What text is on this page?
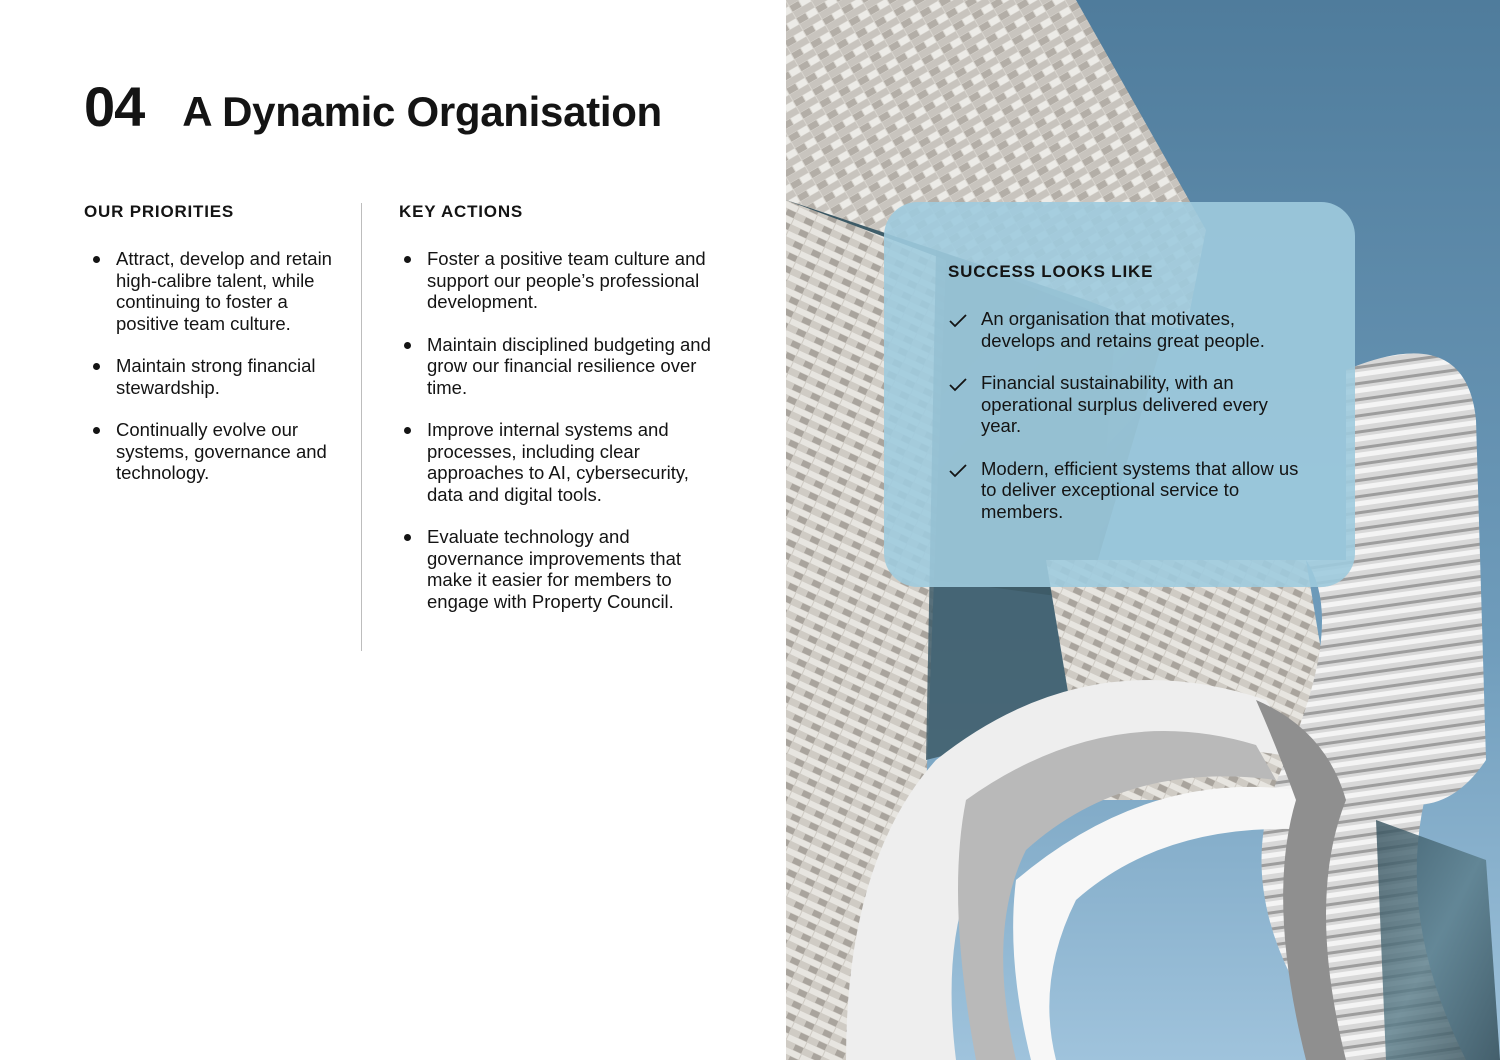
04 A Dynamic Organisation
OUR PRIORITIES
Attract, develop and retain high-calibre talent, while continuing to foster a positive team culture.
Maintain strong financial stewardship.
Continually evolve our systems, governance and technology.
KEY ACTIONS
Foster a positive team culture and support our people’s professional development.
Maintain disciplined budgeting and grow our financial resilience over time.
Improve internal systems and processes, including clear approaches to AI, cybersecurity, data and digital tools.
Evaluate technology and governance improvements that make it easier for members to engage with Property Council.
SUCCESS LOOKS LIKE
An organisation that motivates, develops and retains great people.
Financial sustainability, with an operational surplus delivered every year.
Modern, efficient systems that allow us to deliver exceptional service to members.
